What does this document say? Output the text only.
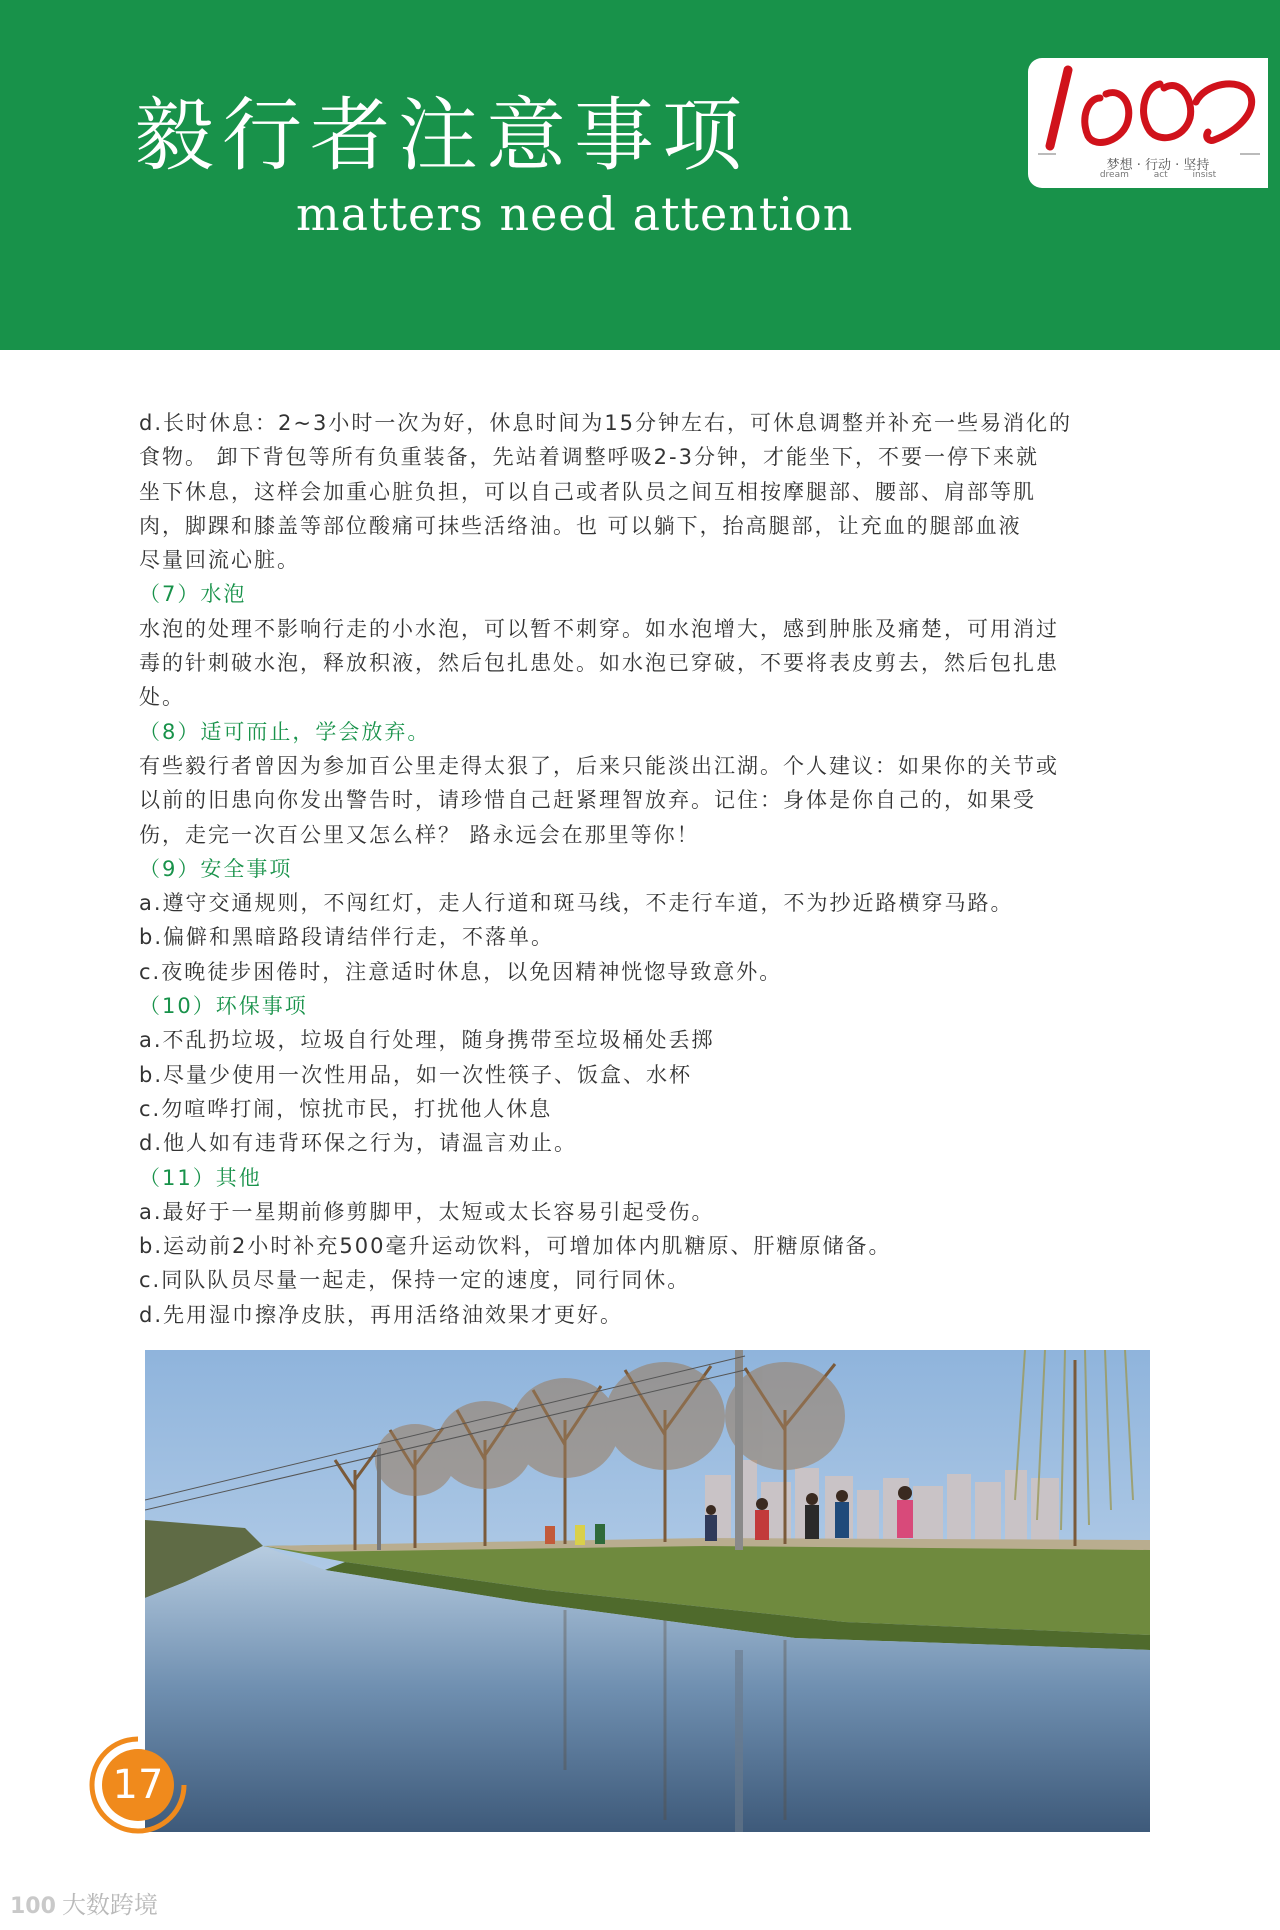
毅行者注意事项
matters need attention
梦想 · 行动 · 坚持
dream act insist
d.长时休息：2~3小时一次为好，休息时间为15分钟左右，可休息调整并补充一些易消化的
食物。 卸下背包等所有负重装备，先站着调整呼吸2-3分钟，才能坐下，不要一停下来就
坐下休息，这样会加重心脏负担，可以自己或者队员之间互相按摩腿部、腰部、肩部等肌
肉，脚踝和膝盖等部位酸痛可抹些活络油。也 可以躺下，抬高腿部，让充血的腿部血液
尽量回流心脏。
（7）水泡
水泡的处理不影响行走的小水泡，可以暂不刺穿。如水泡增大，感到肿胀及痛楚，可用消过
毒的针刺破水泡，释放积液，然后包扎患处。如水泡已穿破，不要将表皮剪去，然后包扎患
处。
（8）适可而止，学会放弃。
有些毅行者曾因为参加百公里走得太狠了，后来只能淡出江湖。个人建议：如果你的关节或
以前的旧患向你发出警告时，请珍惜自己赶紧理智放弃。记住：身体是你自己的，如果受
伤，走完一次百公里又怎么样？ 路永远会在那里等你！
（9）安全事项
a.遵守交通规则，不闯红灯，走人行道和斑马线，不走行车道，不为抄近路横穿马路。
b.偏僻和黑暗路段请结伴行走，不落单。
c.夜晚徒步困倦时，注意适时休息，以免因精神恍惚导致意外。
（10）环保事项
a.不乱扔垃圾，垃圾自行处理，随身携带至垃圾桶处丢掷
b.尽量少使用一次性用品，如一次性筷子、饭盒、水杯
c.勿喧哗打闹，惊扰市民，打扰他人休息
d.他人如有违背环保之行为，请温言劝止。
（11）其他
a.最好于一星期前修剪脚甲，太短或太长容易引起受伤。
b.运动前2小时补充500毫升运动饮料，可增加体内肌糖原、肝糖原储备。
c.同队队员尽量一起走，保持一定的速度，同行同休。
d.先用湿巾擦净皮肤，再用活络油效果才更好。
17
100 大数跨境
